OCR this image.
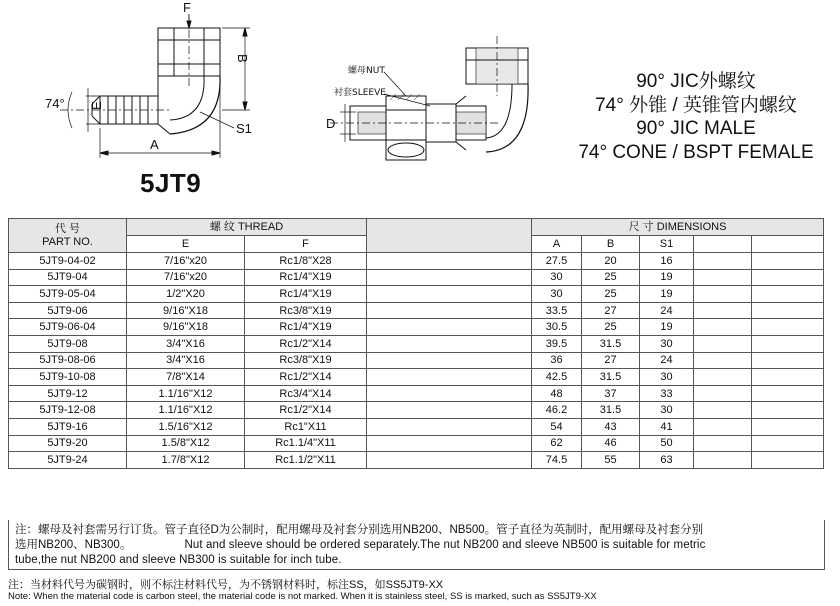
F
B
E
A
S1
74°
螺母NUT
衬套SLEEVE
D
5JT9
90° JIC外螺纹
74° 外锥 / 英锥管内螺纹
90° JIC MALE
74° CONE / BSPT FEMALE
代 号
PART NO.	螺 纹 THREAD			尺 寸 DIMENSIONS				
	E	F		A	B	S1		
5JT9-04-02	7/16"x20	Rc1/8"X28		27.5	20	16		
5JT9-04	7/16"x20	Rc1/4"X19		30	25	19		
5JT9-05-04	1/2"X20	Rc1/4"X19		30	25	19		
5JT9-06	9/16"X18	Rc3/8"X19		33.5	27	24		
5JT9-06-04	9/16"X18	Rc1/4"X19		30.5	25	19		
5JT9-08	3/4"X16	Rc1/2"X14		39.5	31.5	30		
5JT9-08-06	3/4"X16	Rc3/8"X19		36	27	24		
5JT9-10-08	7/8"X14	Rc1/2"X14		42.5	31.5	30		
5JT9-12	1.1/16"X12	Rc3/4"X14		48	37	33		
5JT9-12-08	1.1/16"X12	Rc1/2"X14		46.2	31.5	30		
5JT9-16	1.5/16"X12	Rc1"X11		54	43	41		
5JT9-20	1.5/8"X12	Rc1.1/4"X11		62	46	50		
5JT9-24	1.7/8"X12	Rc1.1/2"X11		74.5	55	63		
注：螺母及衬套需另行订货。管子直径D为公制时，配用螺母及衬套分别选用NB200、NB500。管子直径为英制时，配用螺母及衬套分别
选用NB200、NB300。	Nut and sleeve should be ordered separately.The nut NB200 and sleeve NB500 is suitable for metric
tube,the nut NB200 and sleeve NB300 is suitable for inch tube.
注：当材料代号为碳钢时，则不标注材料代号，为不锈钢材料时，标注SS，如SS5JT9-XX
Note: When the material code is carbon steel, the material code is not marked. When it is stainless steel, SS is marked, such as SS5JT9-XX
